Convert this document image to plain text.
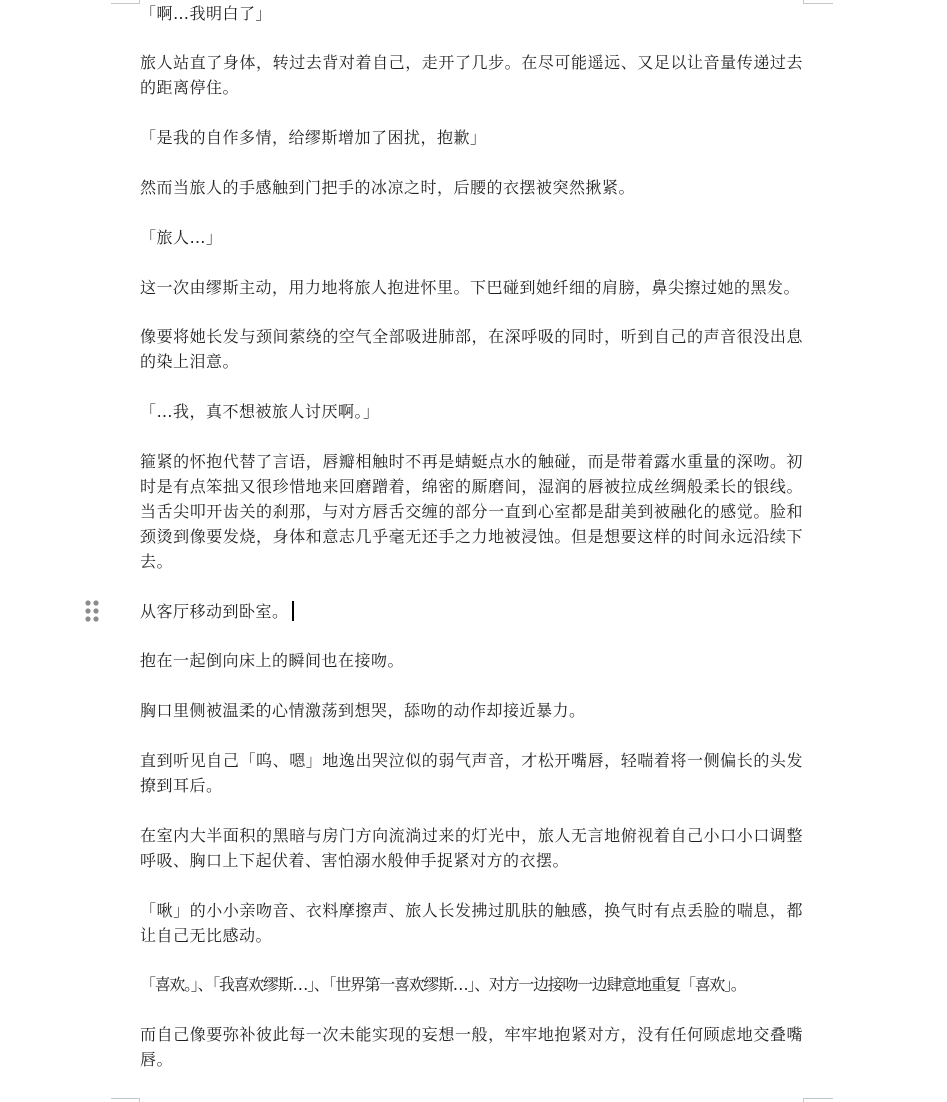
「啊…我明白了」
旅人站直了身体，转过去背对着自己，走开了几步。在尽可能遥远、又足以让音量传递过去
的距离停住。
「是我的自作多情，给缪斯增加了困扰，抱歉」
然而当旅人的手感触到门把手的冰凉之时，后腰的衣摆被突然揪紧。
「旅人…」
这一次由缪斯主动，用力地将旅人抱进怀里。下巴碰到她纤细的肩膀，鼻尖擦过她的黑发。
像要将她长发与颈间萦绕的空气全部吸进肺部，在深呼吸的同时，听到自己的声音很没出息
的染上泪意。
「…我，真不想被旅人讨厌啊。」
箍紧的怀抱代替了言语，唇瓣相触时不再是蜻蜓点水的触碰，而是带着露水重量的深吻。初
时是有点笨拙又很珍惜地来回磨蹭着，绵密的厮磨间，湿润的唇被拉成丝绸般柔长的银线。
当舌尖叩开齿关的刹那，与对方唇舌交缠的部分一直到心室都是甜美到被融化的感觉。脸和
颈烫到像要发烧，身体和意志几乎毫无还手之力地被浸蚀。但是想要这样的时间永远沿续下
去。
从客厅移动到卧室。
抱在一起倒向床上的瞬间也在接吻。
胸口里侧被温柔的心情激荡到想哭，舔吻的动作却接近暴力。
直到听见自己「呜、嗯」地逸出哭泣似的弱气声音，才松开嘴唇，轻喘着将一侧偏长的头发
撩到耳后。
在室内大半面积的黑暗与房门方向流淌过来的灯光中，旅人无言地俯视着自己小口小口调整
呼吸、胸口上下起伏着、害怕溺水般伸手捉紧对方的衣摆。
「啾」的小小亲吻音、衣料摩擦声、旅人长发拂过肌肤的触感，换气时有点丢脸的喘息，都
让自己无比感动。
「喜欢。」、「我喜欢缪斯…」、「世界第一喜欢缪斯…」、对方一边接吻一边肆意地重复「喜欢」。
而自己像要弥补彼此每一次未能实现的妄想一般，牢牢地抱紧对方，没有任何顾虑地交叠嘴
唇。
